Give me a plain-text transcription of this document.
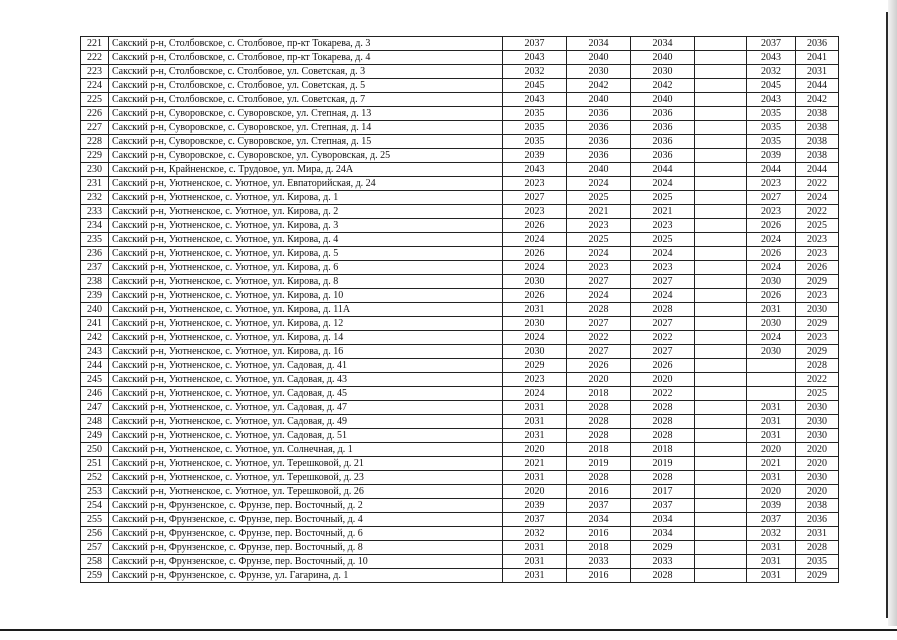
221	Сакский р-н, Столбовское, с. Столбовое, пр-кт Токарева, д. 3	2037	2034	2034		2037	2036
222	Сакский р-н, Столбовское, с. Столбовое, пр-кт Токарева, д. 4	2043	2040	2040		2043	2041
223	Сакский р-н, Столбовское, с. Столбовое, ул. Советская, д. 3	2032	2030	2030		2032	2031
224	Сакский р-н, Столбовское, с. Столбовое, ул. Советская, д. 5	2045	2042	2042		2045	2044
225	Сакский р-н, Столбовское, с. Столбовое, ул. Советская, д. 7	2043	2040	2040		2043	2042
226	Сакский р-н, Суворовское, с. Суворовское, ул. Степная, д. 13	2035	2036	2036		2035	2038
227	Сакский р-н, Суворовское, с. Суворовское, ул. Степная, д. 14	2035	2036	2036		2035	2038
228	Сакский р-н, Суворовское, с. Суворовское, ул. Степная, д. 15	2035	2036	2036		2035	2038
229	Сакский р-н, Суворовское, с. Суворовское, ул. Суворовская, д. 25	2039	2036	2036		2039	2038
230	Сакский р-н, Крайненское, с. Трудовое, ул. Мира, д. 24А	2043	2040	2044		2044	2044
231	Сакский р-н, Уютненское, с. Уютное, ул. Евпаторийская, д. 24	2023	2024	2024		2023	2022
232	Сакский р-н, Уютненское, с. Уютное, ул. Кирова, д. 1	2027	2025	2025		2027	2024
233	Сакский р-н, Уютненское, с. Уютное, ул. Кирова, д. 2	2023	2021	2021		2023	2022
234	Сакский р-н, Уютненское, с. Уютное, ул. Кирова, д. 3	2026	2023	2023		2026	2025
235	Сакский р-н, Уютненское, с. Уютное, ул. Кирова, д. 4	2024	2025	2025		2024	2023
236	Сакский р-н, Уютненское, с. Уютное, ул. Кирова, д. 5	2026	2024	2024		2026	2023
237	Сакский р-н, Уютненское, с. Уютное, ул. Кирова, д. 6	2024	2023	2023		2024	2026
238	Сакский р-н, Уютненское, с. Уютное, ул. Кирова, д. 8	2030	2027	2027		2030	2029
239	Сакский р-н, Уютненское, с. Уютное, ул. Кирова, д. 10	2026	2024	2024		2026	2023
240	Сакский р-н, Уютненское, с. Уютное, ул. Кирова, д. 11А	2031	2028	2028		2031	2030
241	Сакский р-н, Уютненское, с. Уютное, ул. Кирова, д. 12	2030	2027	2027		2030	2029
242	Сакский р-н, Уютненское, с. Уютное, ул. Кирова, д. 14	2024	2022	2022		2024	2023
243	Сакский р-н, Уютненское, с. Уютное, ул. Кирова, д. 16	2030	2027	2027		2030	2029
244	Сакский р-н, Уютненское, с. Уютное, ул. Садовая, д. 41	2029	2026	2026			2028
245	Сакский р-н, Уютненское, с. Уютное, ул. Садовая, д. 43	2023	2020	2020			2022
246	Сакский р-н, Уютненское, с. Уютное, ул. Садовая, д. 45	2024	2018	2022			2025
247	Сакский р-н, Уютненское, с. Уютное, ул. Садовая, д. 47	2031	2028	2028		2031	2030
248	Сакский р-н, Уютненское, с. Уютное, ул. Садовая, д. 49	2031	2028	2028		2031	2030
249	Сакский р-н, Уютненское, с. Уютное, ул. Садовая, д. 51	2031	2028	2028		2031	2030
250	Сакский р-н, Уютненское, с. Уютное, ул. Солнечная, д. 1	2020	2018	2018		2020	2020
251	Сакский р-н, Уютненское, с. Уютное, ул. Терешковой, д. 21	2021	2019	2019		2021	2020
252	Сакский р-н, Уютненское, с. Уютное, ул. Терешковой, д. 23	2031	2028	2028		2031	2030
253	Сакский р-н, Уютненское, с. Уютное, ул. Терешковой, д. 26	2020	2016	2017		2020	2020
254	Сакский р-н, Фрунзенское, с. Фрунзе, пер. Восточный, д. 2	2039	2037	2037		2039	2038
255	Сакский р-н, Фрунзенское, с. Фрунзе, пер. Восточный, д. 4	2037	2034	2034		2037	2036
256	Сакский р-н, Фрунзенское, с. Фрунзе, пер. Восточный, д. 6	2032	2016	2034		2032	2031
257	Сакский р-н, Фрунзенское, с. Фрунзе, пер. Восточный, д. 8	2031	2018	2029		2031	2028
258	Сакский р-н, Фрунзенское, с. Фрунзе, пер. Восточный, д. 10	2031	2033	2033		2031	2035
259	Сакский р-н, Фрунзенское, с. Фрунзе, ул. Гагарина, д. 1	2031	2016	2028		2031	2029
